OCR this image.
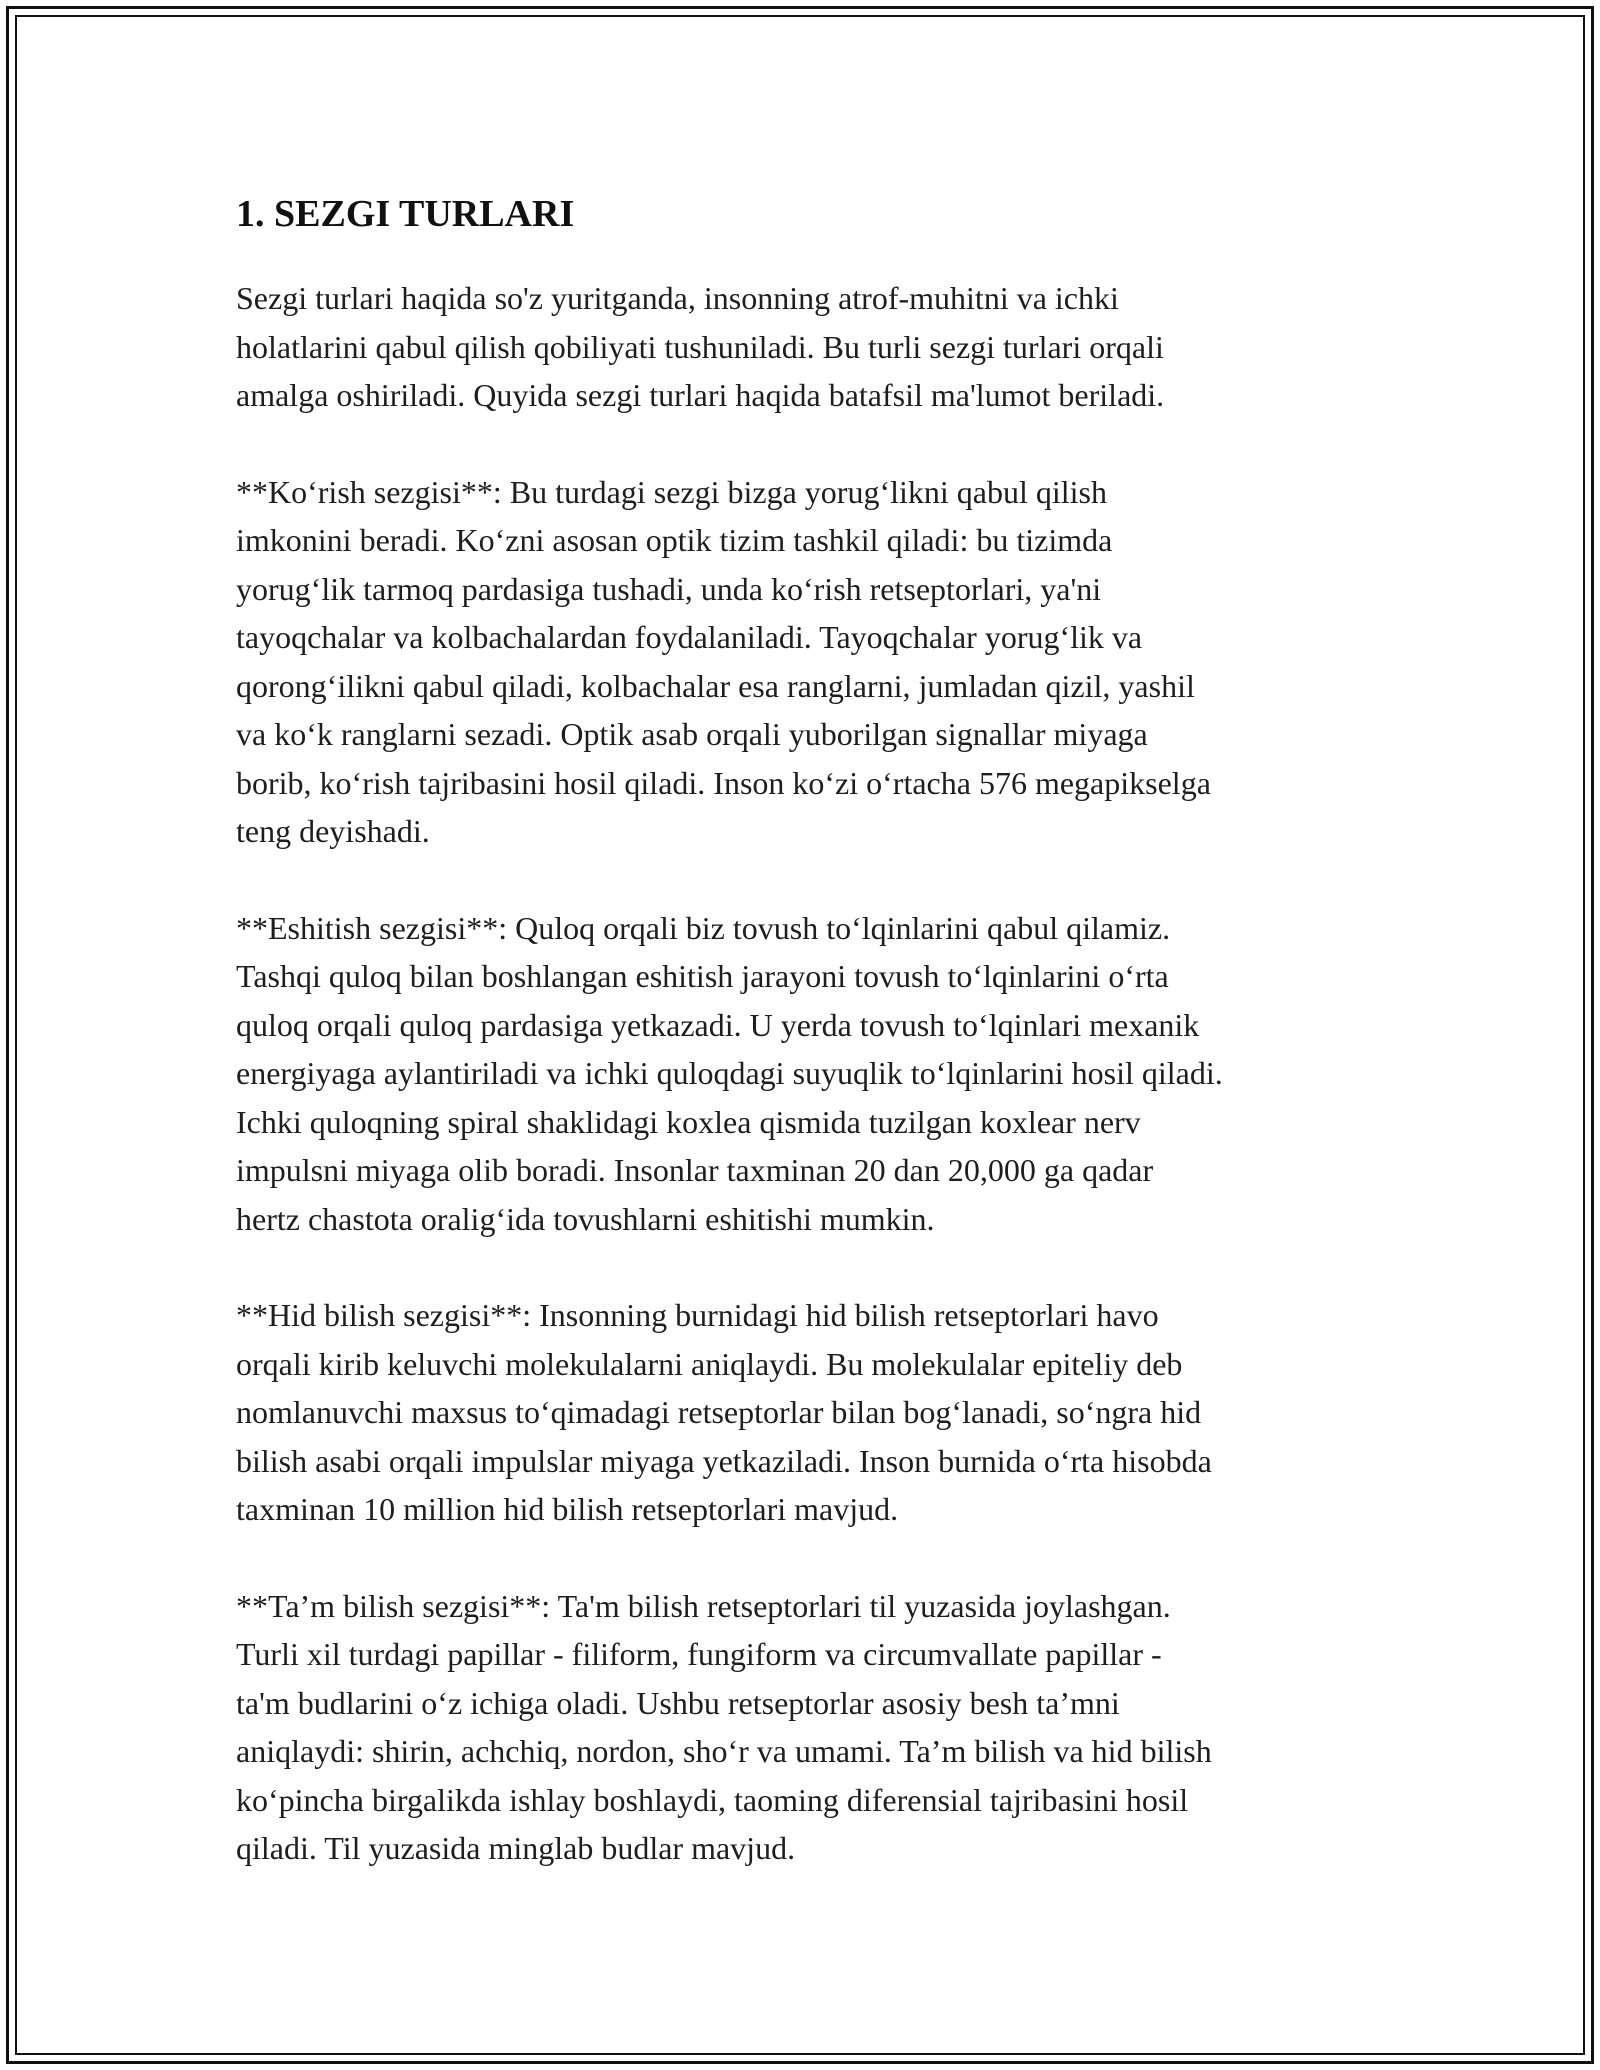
1. SEZGI TURLARI

Sezgi turlari haqida so'z yuritganda, insonning atrof-muhitni va ichki
holatlarini qabul qilish qobiliyati tushuniladi. Bu turli sezgi turlari orqali
amalga oshiriladi. Quyida sezgi turlari haqida batafsil ma'lumot beriladi.

**Koʻrish sezgisi**: Bu turdagi sezgi bizga yorugʻlikni qabul qilish
imkonini beradi. Koʻzni asosan optik tizim tashkil qiladi: bu tizimda
yorugʻlik tarmoq pardasiga tushadi, unda koʻrish retseptorlari, ya'ni
tayoqchalar va kolbachalardan foydalaniladi. Tayoqchalar yorugʻlik va
qorongʻilikni qabul qiladi, kolbachalar esa ranglarni, jumladan qizil, yashil
va koʻk ranglarni sezadi. Optik asab orqali yuborilgan signallar miyaga
borib, koʻrish tajribasini hosil qiladi. Inson koʻzi oʻrtacha 576 megapikselga
teng deyishadi.

**Eshitish sezgisi**: Quloq orqali biz tovush toʻlqinlarini qabul qilamiz.
Tashqi quloq bilan boshlangan eshitish jarayoni tovush toʻlqinlarini oʻrta
quloq orqali quloq pardasiga yetkazadi. U yerda tovush toʻlqinlari mexanik
energiyaga aylantiriladi va ichki quloqdagi suyuqlik toʻlqinlarini hosil qiladi.
Ichki quloqning spiral shaklidagi koxlea qismida tuzilgan koxlear nerv
impulsni miyaga olib boradi. Insonlar taxminan 20 dan 20,000 ga qadar
hertz chastota oraligʻida tovushlarni eshitishi mumkin.

**Hid bilish sezgisi**: Insonning burnidagi hid bilish retseptorlari havo
orqali kirib keluvchi molekulalarni aniqlaydi. Bu molekulalar epiteliy deb
nomlanuvchi maxsus toʻqimadagi retseptorlar bilan bogʻlanadi, soʻngra hid
bilish asabi orqali impulslar miyaga yetkaziladi. Inson burnida oʻrta hisobda
taxminan 10 million hid bilish retseptorlari mavjud.

**Ta’m bilish sezgisi**: Ta'm bilish retseptorlari til yuzasida joylashgan.
Turli xil turdagi papillar - filiform, fungiform va circumvallate papillar -
ta'm budlarini oʻz ichiga oladi. Ushbu retseptorlar asosiy besh ta’mni
aniqlaydi: shirin, achchiq, nordon, shoʻr va umami. Ta’m bilish va hid bilish
koʻpincha birgalikda ishlay boshlaydi, taoming diferensial tajribasini hosil
qiladi. Til yuzasida minglab budlar mavjud.
